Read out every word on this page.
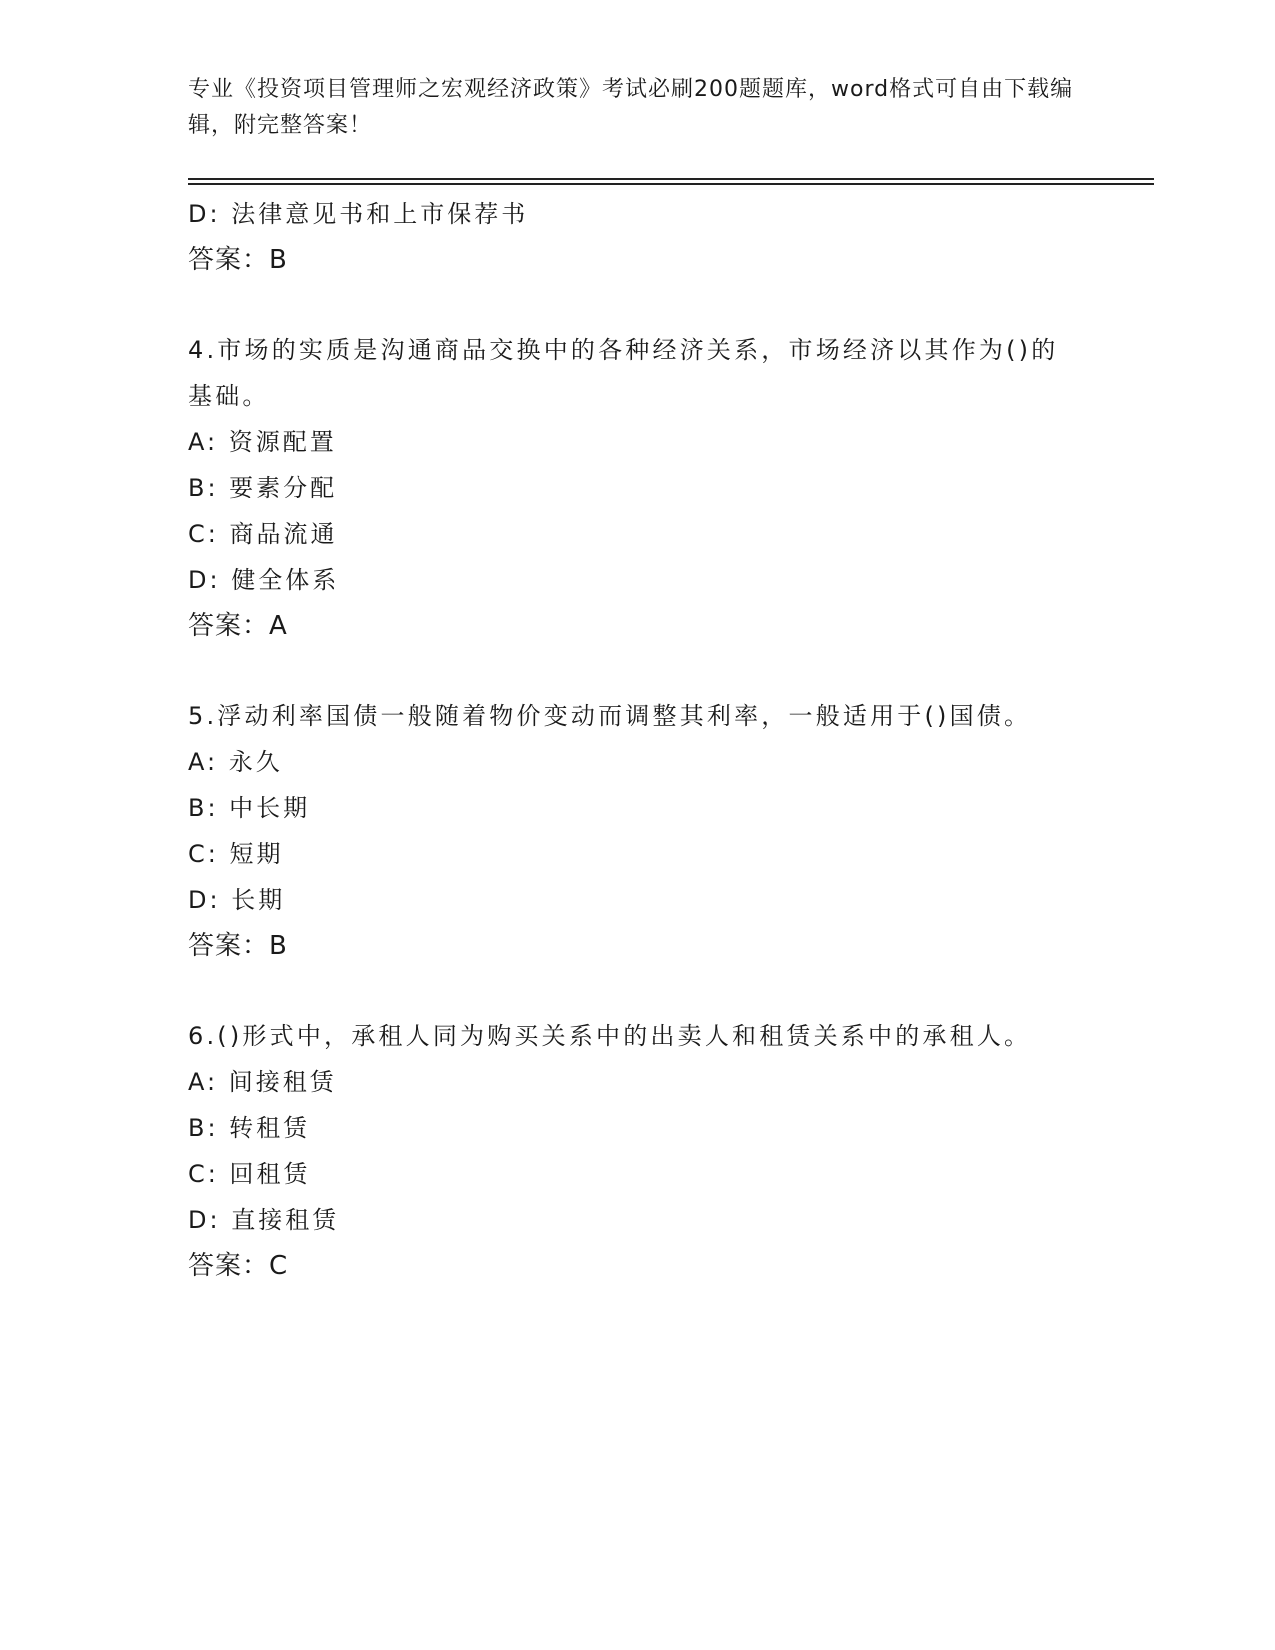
专业《投资项目管理师之宏观经济政策》考试必刷200题题库，word格式可自由下载编辑，附完整答案！
D: 法律意见书和上市保荐书
答案：B
4.市场的实质是沟通商品交换中的各种经济关系，市场经济以其作为()的基础。
A: 资源配置
B: 要素分配
C: 商品流通
D: 健全体系
答案：A
5.浮动利率国债一般随着物价变动而调整其利率，一般适用于()国债。
A: 永久
B: 中长期
C: 短期
D: 长期
答案：B
6.()形式中，承租人同为购买关系中的出卖人和租赁关系中的承租人。
A: 间接租赁
B: 转租赁
C: 回租赁
D: 直接租赁
答案：C
